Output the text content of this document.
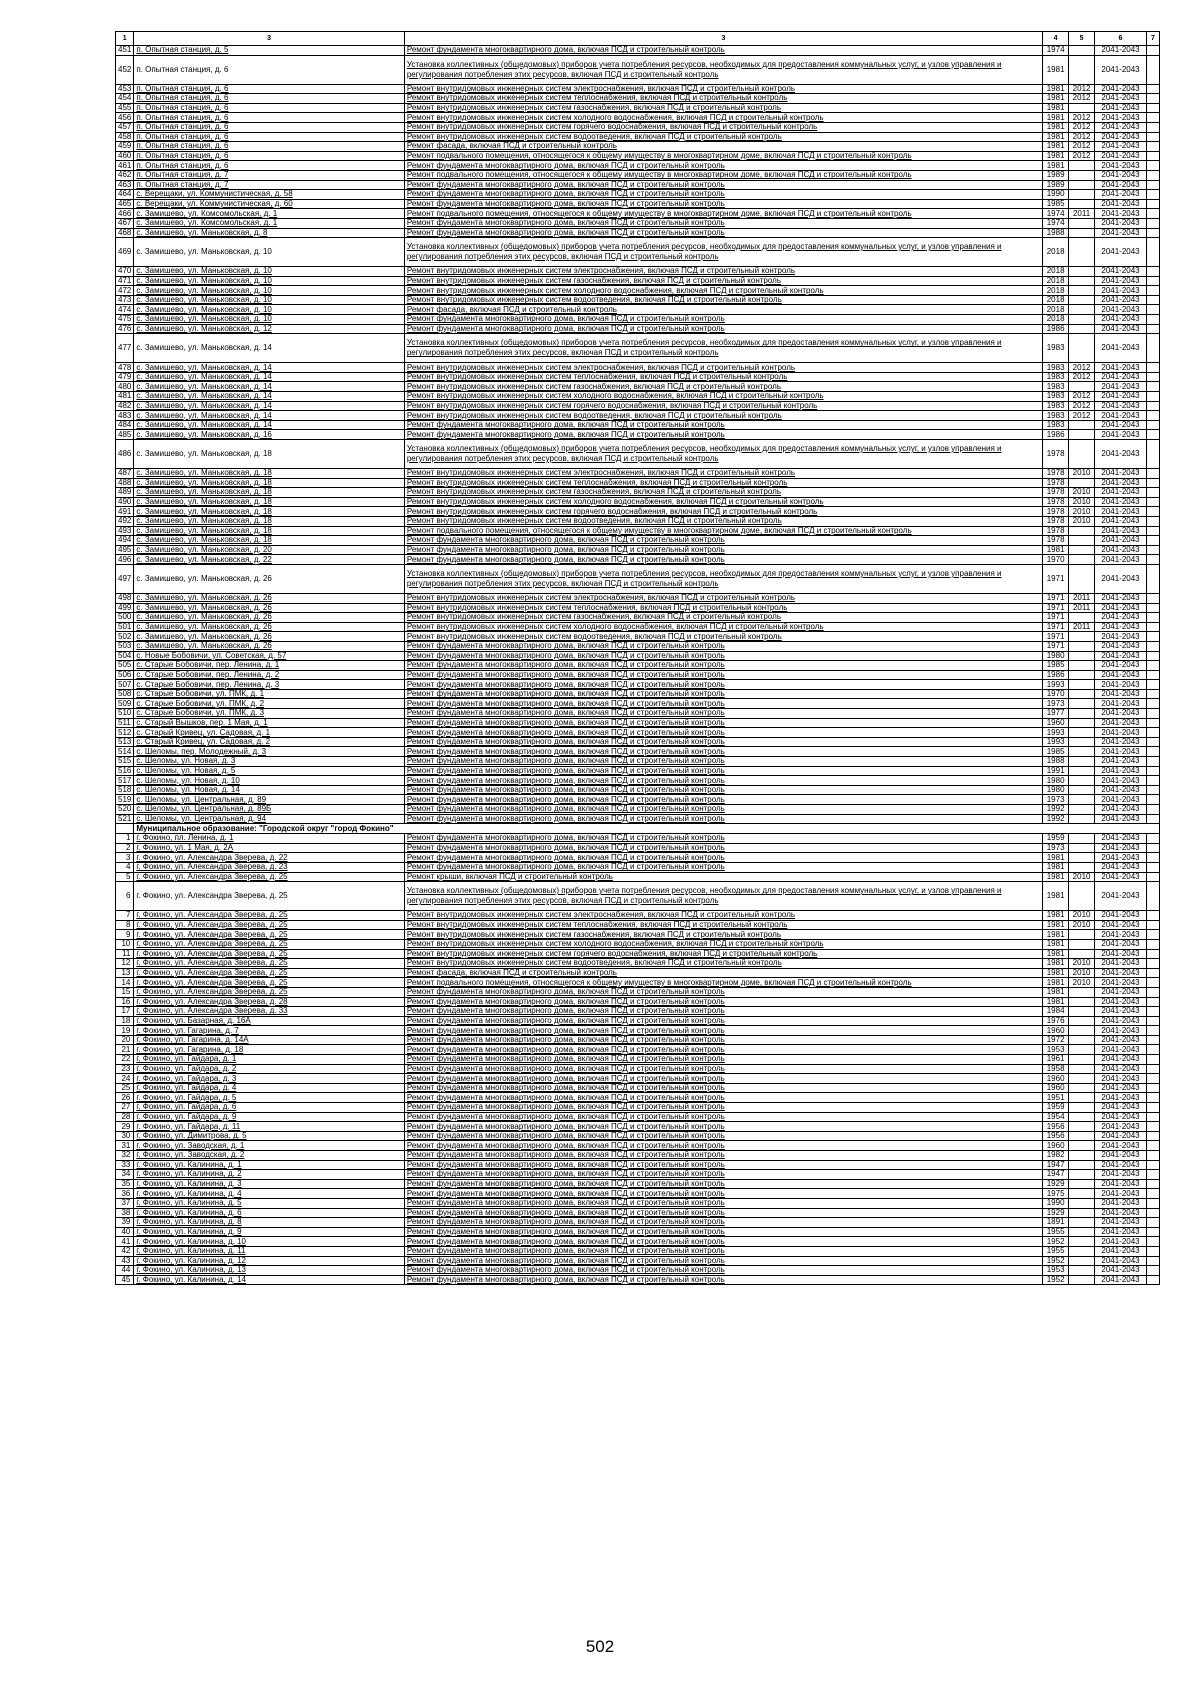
1	3	3	4	5	6	7
451	п. Опытная станция, д. 5	Ремонт фундамента многоквартирного дома, включая ПСД и строительный контроль	1974		2041-2043	
452	п. Опытная станция, д. 6	Установка коллективных (общедомовых) приборов учета потребления ресурсов, необходимых для предоставления коммунальных услуг, и узлов управления и регулирования потребления этих ресурсов, включая ПСД и строительный контроль	1981		2041-2043	
453	п. Опытная станция, д. 6	Ремонт внутридомовых инженерных систем электроснабжения, включая ПСД и строительный контроль	1981	2012	2041-2043	
454	п. Опытная станция, д. 6	Ремонт внутридомовых инженерных систем теплоснабжения, включая ПСД и строительный контроль	1981	2012	2041-2043	
455	п. Опытная станция, д. 6	Ремонт внутридомовых инженерных систем газоснабжения, включая ПСД и строительный контроль	1981		2041-2043	
456	п. Опытная станция, д. 6	Ремонт внутридомовых инженерных систем холодного водоснабжения, включая ПСД и строительный контроль	1981	2012	2041-2043	
457	п. Опытная станция, д. 6	Ремонт внутридомовых инженерных систем горячего водоснабжения, включая ПСД и строительный контроль	1981	2012	2041-2043	
458	п. Опытная станция, д. 6	Ремонт внутридомовых инженерных систем водоотведения, включая ПСД и строительный контроль	1981	2012	2041-2043	
459	п. Опытная станция, д. 6	Ремонт фасада, включая ПСД и строительный контроль	1981	2012	2041-2043	
460	п. Опытная станция, д. 6	Ремонт подвального помещения, относящегося к общему имуществу в многоквартирном доме, включая ПСД и строительный контроль	1981	2012	2041-2043	
461	п. Опытная станция, д. 6	Ремонт фундамента многоквартирного дома, включая ПСД и строительный контроль	1981		2041-2043	
462	п. Опытная станция, д. 7	Ремонт подвального помещения, относящегося к общему имуществу в многоквартирном доме, включая ПСД и строительный контроль	1989		2041-2043	
463	п. Опытная станция, д. 7	Ремонт фундамента многоквартирного дома, включая ПСД и строительный контроль	1989		2041-2043	
464	с. Верещаки, ул. Коммунистическая, д. 58	Ремонт фундамента многоквартирного дома, включая ПСД и строительный контроль	1990		2041-2043	
465	с. Верещаки, ул. Коммунистическая, д. 60	Ремонт фундамента многоквартирного дома, включая ПСД и строительный контроль	1985		2041-2043	
466	с. Замишево, ул. Комсомольская, д. 1	Ремонт подвального помещения, относящегося к общему имуществу в многоквартирном доме, включая ПСД и строительный контроль	1974	2011	2041-2043	
467	с. Замишево, ул. Комсомольская, д. 1	Ремонт фундамента многоквартирного дома, включая ПСД и строительный контроль	1974		2041-2043	
468	с. Замишево, ул. Маньковская, д. 8	Ремонт фундамента многоквартирного дома, включая ПСД и строительный контроль	1988		2041-2043	
469	с. Замишево, ул. Маньковская, д. 10	Установка коллективных (общедомовых) приборов учета потребления ресурсов, необходимых для предоставления коммунальных услуг, и узлов управления и регулирования потребления этих ресурсов, включая ПСД и строительный контроль	2018		2041-2043	
470	с. Замишево, ул. Маньковская, д. 10	Ремонт внутридомовых инженерных систем электроснабжения, включая ПСД и строительный контроль	2018		2041-2043	
471	с. Замишево, ул. Маньковская, д. 10	Ремонт внутридомовых инженерных систем газоснабжения, включая ПСД и строительный контроль	2018		2041-2043	
472	с. Замишево, ул. Маньковская, д. 10	Ремонт внутридомовых инженерных систем холодного водоснабжения, включая ПСД и строительный контроль	2018		2041-2043	
473	с. Замишево, ул. Маньковская, д. 10	Ремонт внутридомовых инженерных систем водоотведения, включая ПСД и строительный контроль	2018		2041-2043	
474	с. Замишево, ул. Маньковская, д. 10	Ремонт фасада, включая ПСД и строительный контроль	2018		2041-2043	
475	с. Замишево, ул. Маньковская, д. 10	Ремонт фундамента многоквартирного дома, включая ПСД и строительный контроль	2018		2041-2043	
476	с. Замишево, ул. Маньковская, д. 12	Ремонт фундамента многоквартирного дома, включая ПСД и строительный контроль	1986		2041-2043	
477	с. Замишево, ул. Маньковская, д. 14	Установка коллективных (общедомовых) приборов учета потребления ресурсов, необходимых для предоставления коммунальных услуг, и узлов управления и регулирования потребления этих ресурсов, включая ПСД и строительный контроль	1983		2041-2043	
478	с. Замишево, ул. Маньковская, д. 14	Ремонт внутридомовых инженерных систем электроснабжения, включая ПСД и строительный контроль	1983	2012	2041-2043	
479	с. Замишево, ул. Маньковская, д. 14	Ремонт внутридомовых инженерных систем теплоснабжения, включая ПСД и строительный контроль	1983	2012	2041-2043	
480	с. Замишево, ул. Маньковская, д. 14	Ремонт внутридомовых инженерных систем газоснабжения, включая ПСД и строительный контроль	1983		2041-2043	
481	с. Замишево, ул. Маньковская, д. 14	Ремонт внутридомовых инженерных систем холодного водоснабжения, включая ПСД и строительный контроль	1983	2012	2041-2043	
482	с. Замишево, ул. Маньковская, д. 14	Ремонт внутридомовых инженерных систем горячего водоснабжения, включая ПСД и строительный контроль	1983	2012	2041-2043	
483	с. Замишево, ул. Маньковская, д. 14	Ремонт внутридомовых инженерных систем водоотведения, включая ПСД и строительный контроль	1983	2012	2041-2043	
484	с. Замишево, ул. Маньковская, д. 14	Ремонт фундамента многоквартирного дома, включая ПСД и строительный контроль	1983		2041-2043	
485	с. Замишево, ул. Маньковская, д. 16	Ремонт фундамента многоквартирного дома, включая ПСД и строительный контроль	1986		2041-2043	
486	с. Замишево, ул. Маньковская, д. 18	Установка коллективных (общедомовых) приборов учета потребления ресурсов, необходимых для предоставления коммунальных услуг, и узлов управления и регулирования потребления этих ресурсов, включая ПСД и строительный контроль	1978		2041-2043	
487	с. Замишево, ул. Маньковская, д. 18	Ремонт внутридомовых инженерных систем электроснабжения, включая ПСД и строительный контроль	1978	2010	2041-2043	
488	с. Замишево, ул. Маньковская, д. 18	Ремонт внутридомовых инженерных систем теплоснабжения, включая ПСД и строительный контроль	1978		2041-2043	
489	с. Замишево, ул. Маньковская, д. 18	Ремонт внутридомовых инженерных систем газоснабжения, включая ПСД и строительный контроль	1978	2010	2041-2043	
490	с. Замишево, ул. Маньковская, д. 18	Ремонт внутридомовых инженерных систем холодного водоснабжения, включая ПСД и строительный контроль	1978	2010	2041-2043	
491	с. Замишево, ул. Маньковская, д. 18	Ремонт внутридомовых инженерных систем горячего водоснабжения, включая ПСД и строительный контроль	1978	2010	2041-2043	
492	с. Замишево, ул. Маньковская, д. 18	Ремонт внутридомовых инженерных систем водоотведения, включая ПСД и строительный контроль	1978	2010	2041-2043	
493	с. Замишево, ул. Маньковская, д. 18	Ремонт подвального помещения, относящегося к общему имуществу в многоквартирном доме, включая ПСД и строительный контроль	1978		2041-2043	
494	с. Замишево, ул. Маньковская, д. 18	Ремонт фундамента многоквартирного дома, включая ПСД и строительный контроль	1978		2041-2043	
495	с. Замишево, ул. Маньковская, д. 20	Ремонт фундамента многоквартирного дома, включая ПСД и строительный контроль	1981		2041-2043	
496	с. Замишево, ул. Маньковская, д. 22	Ремонт фундамента многоквартирного дома, включая ПСД и строительный контроль	1970		2041-2043	
497	с. Замишево, ул. Маньковская, д. 26	Установка коллективных (общедомовых) приборов учета потребления ресурсов, необходимых для предоставления коммунальных услуг, и узлов управления и регулирования потребления этих ресурсов, включая ПСД и строительный контроль	1971		2041-2043	
498	с. Замишево, ул. Маньковская, д. 26	Ремонт внутридомовых инженерных систем электроснабжения, включая ПСД и строительный контроль	1971	2011	2041-2043	
499	с. Замишево, ул. Маньковская, д. 26	Ремонт внутридомовых инженерных систем теплоснабжения, включая ПСД и строительный контроль	1971	2011	2041-2043	
500	с. Замишево, ул. Маньковская, д. 26	Ремонт внутридомовых инженерных систем газоснабжения, включая ПСД и строительный контроль	1971		2041-2043	
501	с. Замишево, ул. Маньковская, д. 26	Ремонт внутридомовых инженерных систем холодного водоснабжения, включая ПСД и строительный контроль	1971	2011	2041-2043	
502	с. Замишево, ул. Маньковская, д. 26	Ремонт внутридомовых инженерных систем водоотведения, включая ПСД и строительный контроль	1971		2041-2043	
503	с. Замишево, ул. Маньковская, д. 26	Ремонт фундамента многоквартирного дома, включая ПСД и строительный контроль	1971		2041-2043	
504	с. Новые Бобовичи, ул. Советская, д. 57	Ремонт фундамента многоквартирного дома, включая ПСД и строительный контроль	1980		2041-2043	
505	с. Старые Бобовичи, пер. Ленина, д. 1	Ремонт фундамента многоквартирного дома, включая ПСД и строительный контроль	1985		2041-2043	
506	с. Старые Бобовичи, пер. Ленина, д. 2	Ремонт фундамента многоквартирного дома, включая ПСД и строительный контроль	1986		2041-2043	
507	с. Старые Бобовичи, пер. Ленина, д. 3	Ремонт фундамента многоквартирного дома, включая ПСД и строительный контроль	1993		2041-2043	
508	с. Старые Бобовичи, ул. ПМК, д. 1	Ремонт фундамента многоквартирного дома, включая ПСД и строительный контроль	1970		2041-2043	
509	с. Старые Бобовичи, ул. ПМК, д. 2	Ремонт фундамента многоквартирного дома, включая ПСД и строительный контроль	1973		2041-2043	
510	с. Старые Бобовичи, ул. ПМК, д. 3	Ремонт фундамента многоквартирного дома, включая ПСД и строительный контроль	1977		2041-2043	
511	с. Старый Вышков, пер. 1 Мая, д. 1	Ремонт фундамента многоквартирного дома, включая ПСД и строительный контроль	1960		2041-2043	
512	с. Старый Кривец, ул. Садовая, д. 1	Ремонт фундамента многоквартирного дома, включая ПСД и строительный контроль	1993		2041-2043	
513	с. Старый Кривец, ул. Садовая, д. 2	Ремонт фундамента многоквартирного дома, включая ПСД и строительный контроль	1993		2041-2043	
514	с. Шеломы, пер. Молодежный, д. 3	Ремонт фундамента многоквартирного дома, включая ПСД и строительный контроль	1985		2041-2043	
515	с. Шеломы, ул. Новая, д. 3	Ремонт фундамента многоквартирного дома, включая ПСД и строительный контроль	1988		2041-2043	
516	с. Шеломы, ул. Новая, д. 5	Ремонт фундамента многоквартирного дома, включая ПСД и строительный контроль	1991		2041-2043	
517	с. Шеломы, ул. Новая, д. 10	Ремонт фундамента многоквартирного дома, включая ПСД и строительный контроль	1980		2041-2043	
518	с. Шеломы, ул. Новая, д. 14	Ремонт фундамента многоквартирного дома, включая ПСД и строительный контроль	1980		2041-2043	
519	с. Шеломы, ул. Центральная, д. 89	Ремонт фундамента многоквартирного дома, включая ПСД и строительный контроль	1973		2041-2043	
520	с. Шеломы, ул. Центральная, д. 89Б	Ремонт фундамента многоквартирного дома, включая ПСД и строительный контроль	1992		2041-2043	
521	с. Шеломы, ул. Центральная, д. 94	Ремонт фундамента многоквартирного дома, включая ПСД и строительный контроль	1992		2041-2043	
	Муниципальное образование: "Городской округ "город Фокино"					
1	г. Фокино, пл. Ленина, д. 1	Ремонт фундамента многоквартирного дома, включая ПСД и строительный контроль	1959		2041-2043	
2	г. Фокино, ул. 1 Мая, д. 2А	Ремонт фундамента многоквартирного дома, включая ПСД и строительный контроль	1973		2041-2043	
3	г. Фокино, ул. Александра Зверева, д. 22	Ремонт фундамента многоквартирного дома, включая ПСД и строительный контроль	1981		2041-2043	
4	г. Фокино, ул. Александра Зверева, д. 23	Ремонт фундамента многоквартирного дома, включая ПСД и строительный контроль	1981		2041-2043	
5	г. Фокино, ул. Александра Зверева, д. 25	Ремонт крыши, включая ПСД и строительный контроль	1981	2010	2041-2043	
6	г. Фокино, ул. Александра Зверева, д. 25	Установка коллективных (общедомовых) приборов учета потребления ресурсов, необходимых для предоставления коммунальных услуг, и узлов управления и регулирования потребления этих ресурсов, включая ПСД и строительный контроль	1981		2041-2043	
7	г. Фокино, ул. Александра Зверева, д. 25	Ремонт внутридомовых инженерных систем электроснабжения, включая ПСД и строительный контроль	1981	2010	2041-2043	
8	г. Фокино, ул. Александра Зверева, д. 25	Ремонт внутридомовых инженерных систем теплоснабжения, включая ПСД и строительный контроль	1981	2010	2041-2043	
9	г. Фокино, ул. Александра Зверева, д. 25	Ремонт внутридомовых инженерных систем газоснабжения, включая ПСД и строительный контроль	1981		2041-2043	
10	г. Фокино, ул. Александра Зверева, д. 25	Ремонт внутридомовых инженерных систем холодного водоснабжения, включая ПСД и строительный контроль	1981		2041-2043	
11	г. Фокино, ул. Александра Зверева, д. 25	Ремонт внутридомовых инженерных систем горячего водоснабжения, включая ПСД и строительный контроль	1981		2041-2043	
12	г. Фокино, ул. Александра Зверева, д. 25	Ремонт внутридомовых инженерных систем водоотведения, включая ПСД и строительный контроль	1981	2010	2041-2043	
13	г. Фокино, ул. Александра Зверева, д. 25	Ремонт фасада, включая ПСД и строительный контроль	1981	2010	2041-2043	
14	г. Фокино, ул. Александра Зверева, д. 25	Ремонт подвального помещения, относящегося к общему имуществу в многоквартирном доме, включая ПСД и строительный контроль	1981	2010	2041-2043	
15	г. Фокино, ул. Александра Зверева, д. 25	Ремонт фундамента многоквартирного дома, включая ПСД и строительный контроль	1981		2041-2043	
16	г. Фокино, ул. Александра Зверева, д. 28	Ремонт фундамента многоквартирного дома, включая ПСД и строительный контроль	1981		2041-2043	
17	г. Фокино, ул. Александра Зверева, д. 33	Ремонт фундамента многоквартирного дома, включая ПСД и строительный контроль	1984		2041-2043	
18	г. Фокино, ул. Базарная, д. 16А	Ремонт фундамента многоквартирного дома, включая ПСД и строительный контроль	1976		2041-2043	
19	г. Фокино, ул. Гагарина, д. 7	Ремонт фундамента многоквартирного дома, включая ПСД и строительный контроль	1960		2041-2043	
20	г. Фокино, ул. Гагарина, д. 14А	Ремонт фундамента многоквартирного дома, включая ПСД и строительный контроль	1972		2041-2043	
21	г. Фокино, ул. Гагарина, д. 18	Ремонт фундамента многоквартирного дома, включая ПСД и строительный контроль	1953		2041-2043	
22	г. Фокино, ул. Гайдара, д. 1	Ремонт фундамента многоквартирного дома, включая ПСД и строительный контроль	1961		2041-2043	
23	г. Фокино, ул. Гайдара, д. 2	Ремонт фундамента многоквартирного дома, включая ПСД и строительный контроль	1958		2041-2043	
24	г. Фокино, ул. Гайдара, д. 3	Ремонт фундамента многоквартирного дома, включая ПСД и строительный контроль	1960		2041-2043	
25	г. Фокино, ул. Гайдара, д. 4	Ремонт фундамента многоквартирного дома, включая ПСД и строительный контроль	1960		2041-2043	
26	г. Фокино, ул. Гайдара, д. 5	Ремонт фундамента многоквартирного дома, включая ПСД и строительный контроль	1951		2041-2043	
27	г. Фокино, ул. Гайдара, д. 6	Ремонт фундамента многоквартирного дома, включая ПСД и строительный контроль	1959		2041-2043	
28	г. Фокино, ул. Гайдара, д. 9	Ремонт фундамента многоквартирного дома, включая ПСД и строительный контроль	1954		2041-2043	
29	г. Фокино, ул. Гайдара, д. 11	Ремонт фундамента многоквартирного дома, включая ПСД и строительный контроль	1956		2041-2043	
30	г. Фокино, ул. Димитрова, д. 5	Ремонт фундамента многоквартирного дома, включая ПСД и строительный контроль	1956		2041-2043	
31	г. Фокино, ул. Заводская, д. 1	Ремонт фундамента многоквартирного дома, включая ПСД и строительный контроль	1960		2041-2043	
32	г. Фокино, ул. Заводская, д. 2	Ремонт фундамента многоквартирного дома, включая ПСД и строительный контроль	1982		2041-2043	
33	г. Фокино, ул. Калинина, д. 1	Ремонт фундамента многоквартирного дома, включая ПСД и строительный контроль	1947		2041-2043	
34	г. Фокино, ул. Калинина, д. 2	Ремонт фундамента многоквартирного дома, включая ПСД и строительный контроль	1947		2041-2043	
35	г. Фокино, ул. Калинина, д. 3	Ремонт фундамента многоквартирного дома, включая ПСД и строительный контроль	1929		2041-2043	
36	г. Фокино, ул. Калинина, д. 4	Ремонт фундамента многоквартирного дома, включая ПСД и строительный контроль	1975		2041-2043	
37	г. Фокино, ул. Калинина, д. 5	Ремонт фундамента многоквартирного дома, включая ПСД и строительный контроль	1990		2041-2043	
38	г. Фокино, ул. Калинина, д. 6	Ремонт фундамента многоквартирного дома, включая ПСД и строительный контроль	1929		2041-2043	
39	г. Фокино, ул. Калинина, д. 8	Ремонт фундамента многоквартирного дома, включая ПСД и строительный контроль	1891		2041-2043	
40	г. Фокино, ул. Калинина, д. 9	Ремонт фундамента многоквартирного дома, включая ПСД и строительный контроль	1955		2041-2043	
41	г. Фокино, ул. Калинина, д. 10	Ремонт фундамента многоквартирного дома, включая ПСД и строительный контроль	1952		2041-2043	
42	г. Фокино, ул. Калинина, д. 11	Ремонт фундамента многоквартирного дома, включая ПСД и строительный контроль	1955		2041-2043	
43	г. Фокино, ул. Калинина, д. 12	Ремонт фундамента многоквартирного дома, включая ПСД и строительный контроль	1952		2041-2043	
44	г. Фокино, ул. Калинина, д. 13	Ремонт фундамента многоквартирного дома, включая ПСД и строительный контроль	1953		2041-2043	
45	г. Фокино, ул. Калинина, д. 14	Ремонт фундамента многоквартирного дома, включая ПСД и строительный контроль	1952		2041-2043	
502
